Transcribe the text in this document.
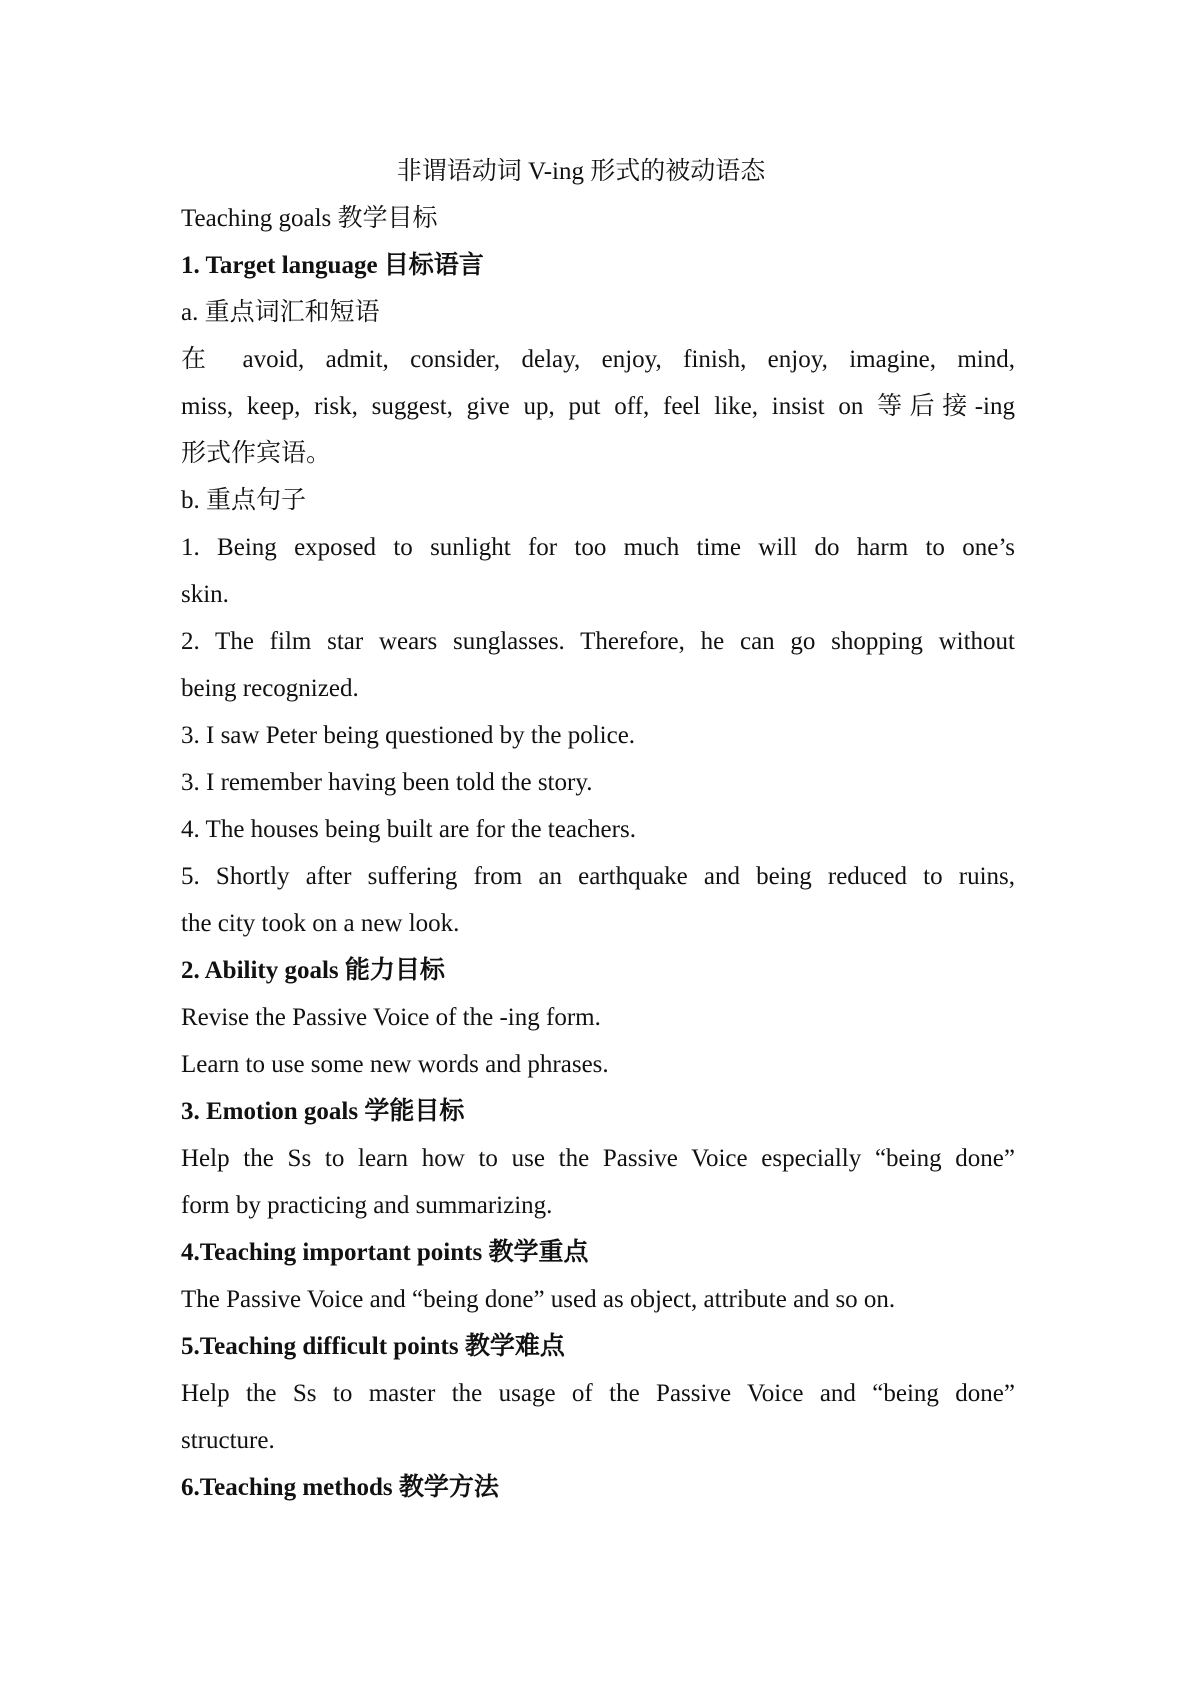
非谓语动词 V-ing 形式的被动语态
Teaching goals 教学目标
1. Target language 目标语言
a. 重点词汇和短语
在 avoid, admit, consider, delay, enjoy, finish, enjoy, imagine, mind,
miss, keep, risk, suggest, give up, put off, feel like, insist on 等后接-ing
形式作宾语。
b. 重点句子
1. Being exposed to sunlight for too much time will do harm to one’s
skin.
2. The film star wears sunglasses. Therefore, he can go shopping without
being recognized.
3. I saw Peter being questioned by the police.
3. I remember having been told the story.
4. The houses being built are for the teachers.
5. Shortly after suffering from an earthquake and being reduced to ruins,
the city took on a new look.
2. Ability goals 能力目标
Revise the Passive Voice of the -ing form.
Learn to use some new words and phrases.
3. Emotion goals 学能目标
Help the Ss to learn how to use the Passive Voice especially “being done”
form by practicing and summarizing.
4.Teaching important points 教学重点
The Passive Voice and “being done” used as object, attribute and so on.
5.Teaching difficult points 教学难点
Help the Ss to master the usage of the Passive Voice and “being done”
structure.
6.Teaching methods 教学方法
